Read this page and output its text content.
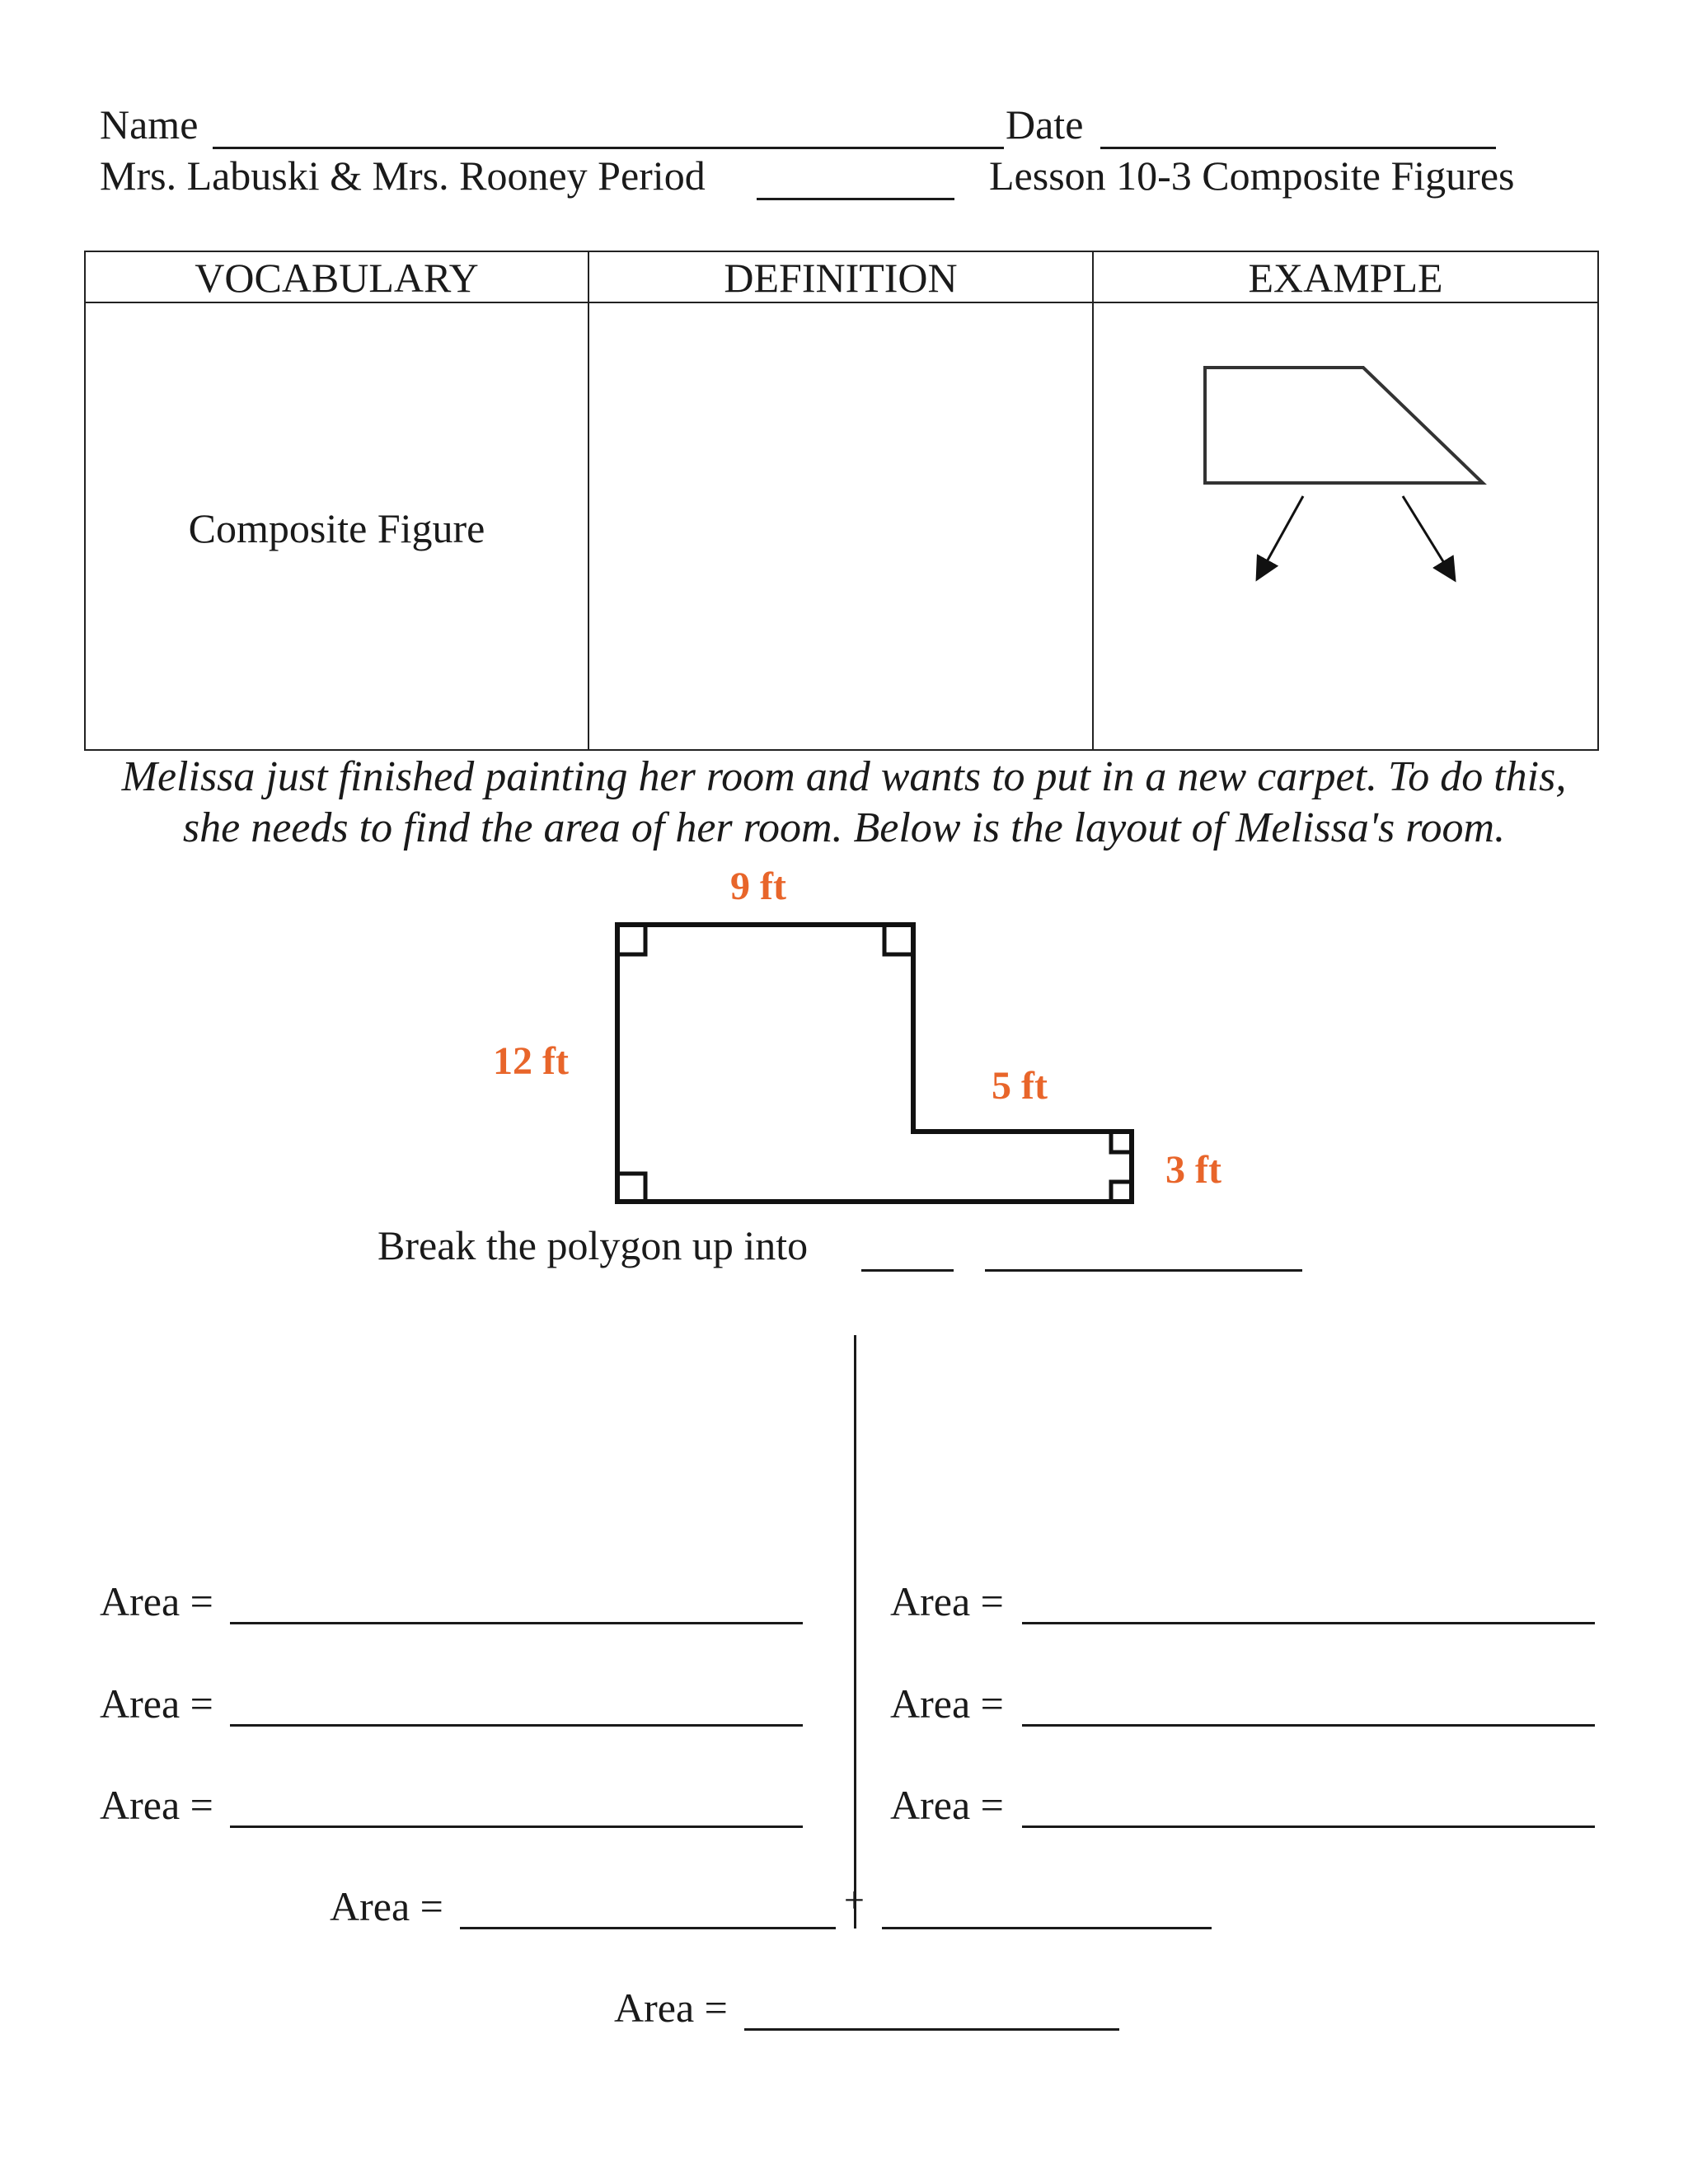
Name	Date
Mrs. Labuski & Mrs. Rooney Period	Lesson 10-3 Composite Figures
VOCABULARY	DEFINITION	EXAMPLE
Composite Figure
Melissa just finished painting her room and wants to put in a new carpet. To do this,
she needs to find the area of her room. Below is the layout of Melissa's room.
9 ft
12 ft
5 ft
3 ft
Break the polygon up into
Area =
Area =
Area =
Area =
Area =
Area =
Area =	+
Area =
